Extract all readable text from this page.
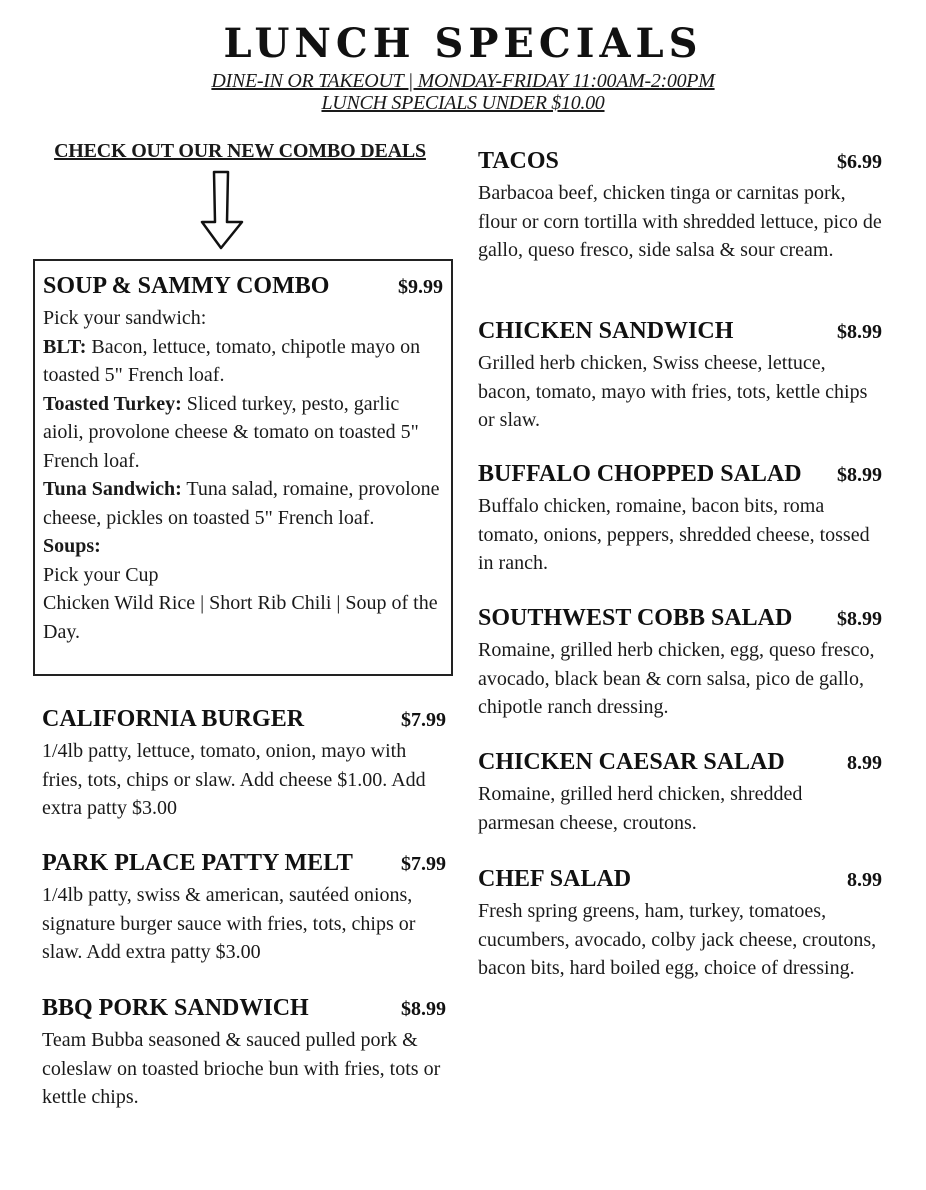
LUNCH SPECIALS
DINE-IN OR TAKEOUT | MONDAY-FRIDAY 11:00AM-2:00PM
LUNCH SPECIALS UNDER $10.00
CHECK OUT OUR NEW COMBO DEALS
SOUP & SAMMY COMBO	$9.99
Pick your sandwich:
BLT: Bacon, lettuce, tomato, chipotle mayo on toasted 5" French loaf.
Toasted Turkey: Sliced turkey, pesto, garlic aioli, provolone cheese & tomato on toasted 5" French loaf.
Tuna Sandwich: Tuna salad, romaine, provolone cheese, pickles on toasted 5" French loaf.
Soups:
Pick your Cup
Chicken Wild Rice | Short Rib Chili | Soup of the Day.
CALIFORNIA BURGER	$7.99
1/4lb patty, lettuce, tomato, onion, mayo with fries, tots, chips or slaw. Add cheese $1.00. Add extra patty $3.00
PARK PLACE PATTY MELT $7.99
1/4lb patty, swiss & american, sautéed onions, signature burger sauce with fries, tots, chips or slaw. Add extra patty $3.00
BBQ PORK SANDWICH	$8.99
Team Bubba seasoned & sauced pulled pork & coleslaw on toasted brioche bun with fries, tots or kettle chips.
TACOS	$6.99
Barbacoa beef, chicken tinga or carnitas pork, flour or corn tortilla with shredded lettuce, pico de gallo, queso fresco, side salsa & sour cream.
CHICKEN SANDWICH	$8.99
Grilled herb chicken, Swiss cheese, lettuce, bacon, tomato, mayo with fries, tots, kettle chips or slaw.
BUFFALO CHOPPED SALAD $8.99
Buffalo chicken, romaine, bacon bits, roma tomato, onions, peppers, shredded cheese, tossed in ranch.
SOUTHWEST COBB SALAD $8.99
Romaine, grilled herb chicken, egg, queso fresco, avocado, black bean & corn salsa, pico de gallo, chipotle ranch dressing.
CHICKEN CAESAR SALAD	8.99
Romaine, grilled herd chicken, shredded parmesan cheese, croutons.
CHEF SALAD	8.99
Fresh spring greens, ham, turkey, tomatoes, cucumbers, avocado, colby jack cheese, croutons, bacon bits, hard boiled egg, choice of dressing.
